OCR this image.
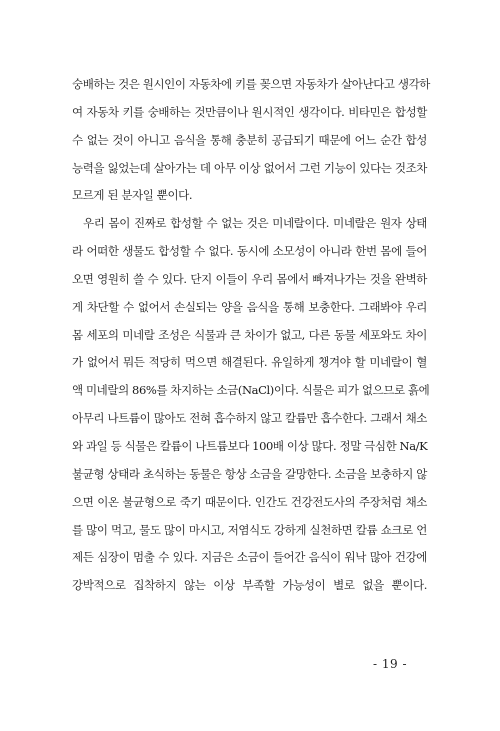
숭배하는 것은 원시인이 자동차에 키를 꽂으면 자동차가 살아난다고 생각하
여 자동차 키를 숭배하는 것만큼이나 원시적인 생각이다. 비타민은 합성할
수 없는 것이 아니고 음식을 통해 충분히 공급되기 때문에 어느 순간 합성
능력을 잃었는데 살아가는 데 아무 이상 없어서 그런 기능이 있다는 것조차
모르게 된 분자일 뿐이다.
우리 몸이 진짜로 합성할 수 없는 것은 미네랄이다. 미네랄은 원자 상태
라 어떠한 생물도 합성할 수 없다. 동시에 소모성이 아니라 한번 몸에 들어
오면 영원히 쓸 수 있다. 단지 이들이 우리 몸에서 빠져나가는 것을 완벽하
게 차단할 수 없어서 손실되는 양을 음식을 통해 보충한다. 그래봐야 우리
몸 세포의 미네랄 조성은 식물과 큰 차이가 없고, 다른 동물 세포와도 차이
가 없어서 뭐든 적당히 먹으면 해결된다. 유일하게 챙겨야 할 미네랄이 혈
액 미네랄의 86%를 차지하는 소금(NaCl)이다. 식물은 피가 없으므로 흙에
아무리 나트륨이 많아도 전혀 흡수하지 않고 칼륨만 흡수한다. 그래서 채소
와 과일 등 식물은 칼륨이 나트륨보다 100배 이상 많다. 정말 극심한 Na/K
불균형 상태라 초식하는 동물은 항상 소금을 갈망한다. 소금을 보충하지 않
으면 이온 불균형으로 죽기 때문이다. 인간도 건강전도사의 주장처럼 채소
를 많이 먹고, 물도 많이 마시고, 저염식도 강하게 실천하면 칼륨 쇼크로 언
제든 심장이 멈출 수 있다. 지금은 소금이 들어간 음식이 워낙 많아 건강에
강박적으로 집착하지 않는 이상 부족할 가능성이 별로 없을 뿐이다.
- 19 -
